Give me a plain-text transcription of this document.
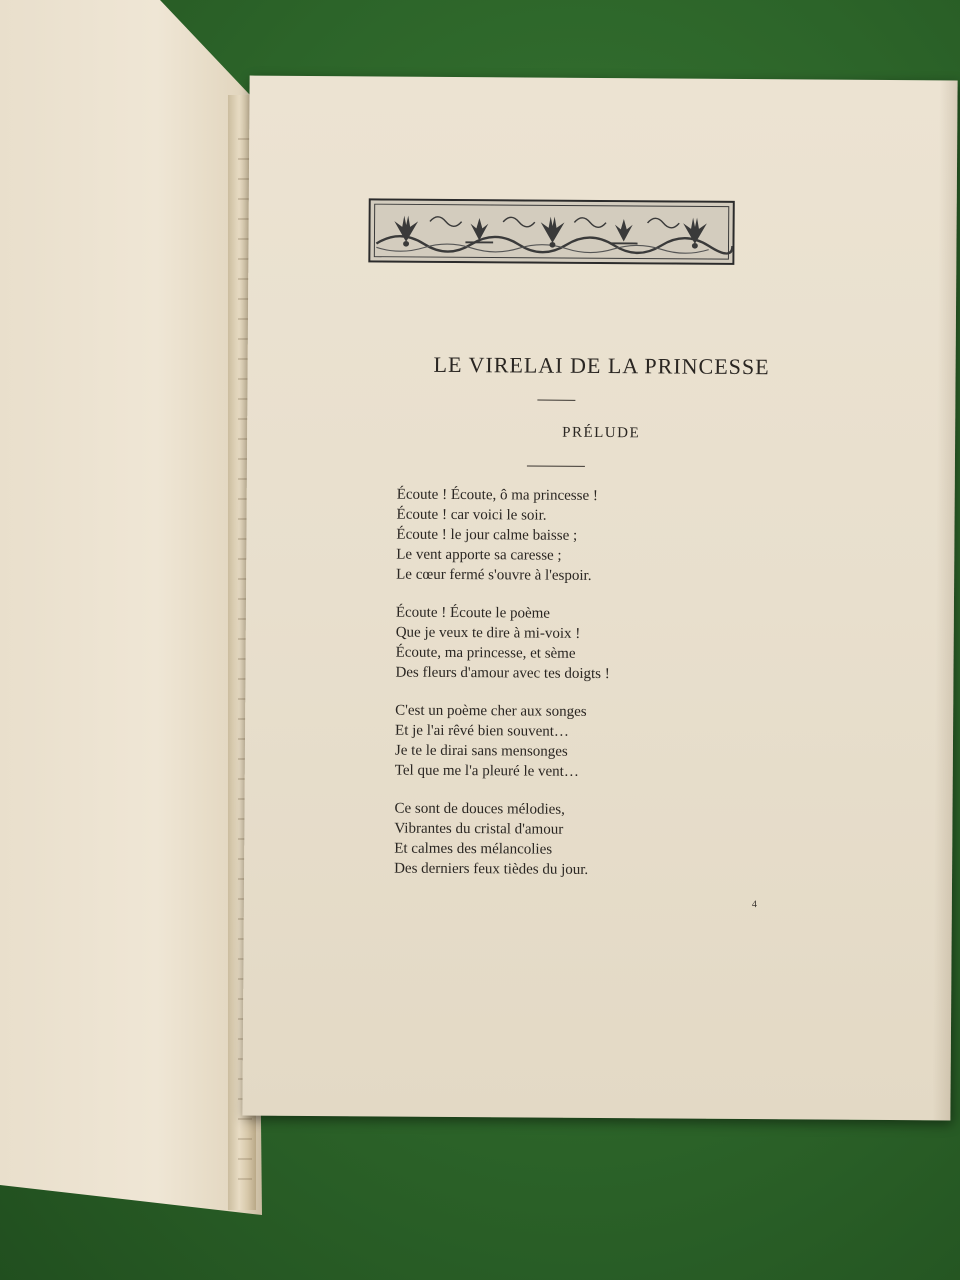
LE VIRELAI DE LA PRINCESSE
PRÉLUDE
Écoute ! Écoute, ô ma princesse !
Écoute ! car voici le soir.
Écoute ! le jour calme baisse ;
Le vent apporte sa caresse ;
Le cœur fermé s'ouvre à l'espoir.
Écoute ! Écoute le poème
Que je veux te dire à mi-voix !
Écoute, ma princesse, et sème
Des fleurs d'amour avec tes doigts !
C'est un poème cher aux songes
Et je l'ai rêvé bien souvent…
Je te le dirai sans mensonges
Tel que me l'a pleuré le vent…
Ce sont de douces mélodies,
Vibrantes du cristal d'amour
Et calmes des mélancolies
Des derniers feux tièdes du jour.
4
